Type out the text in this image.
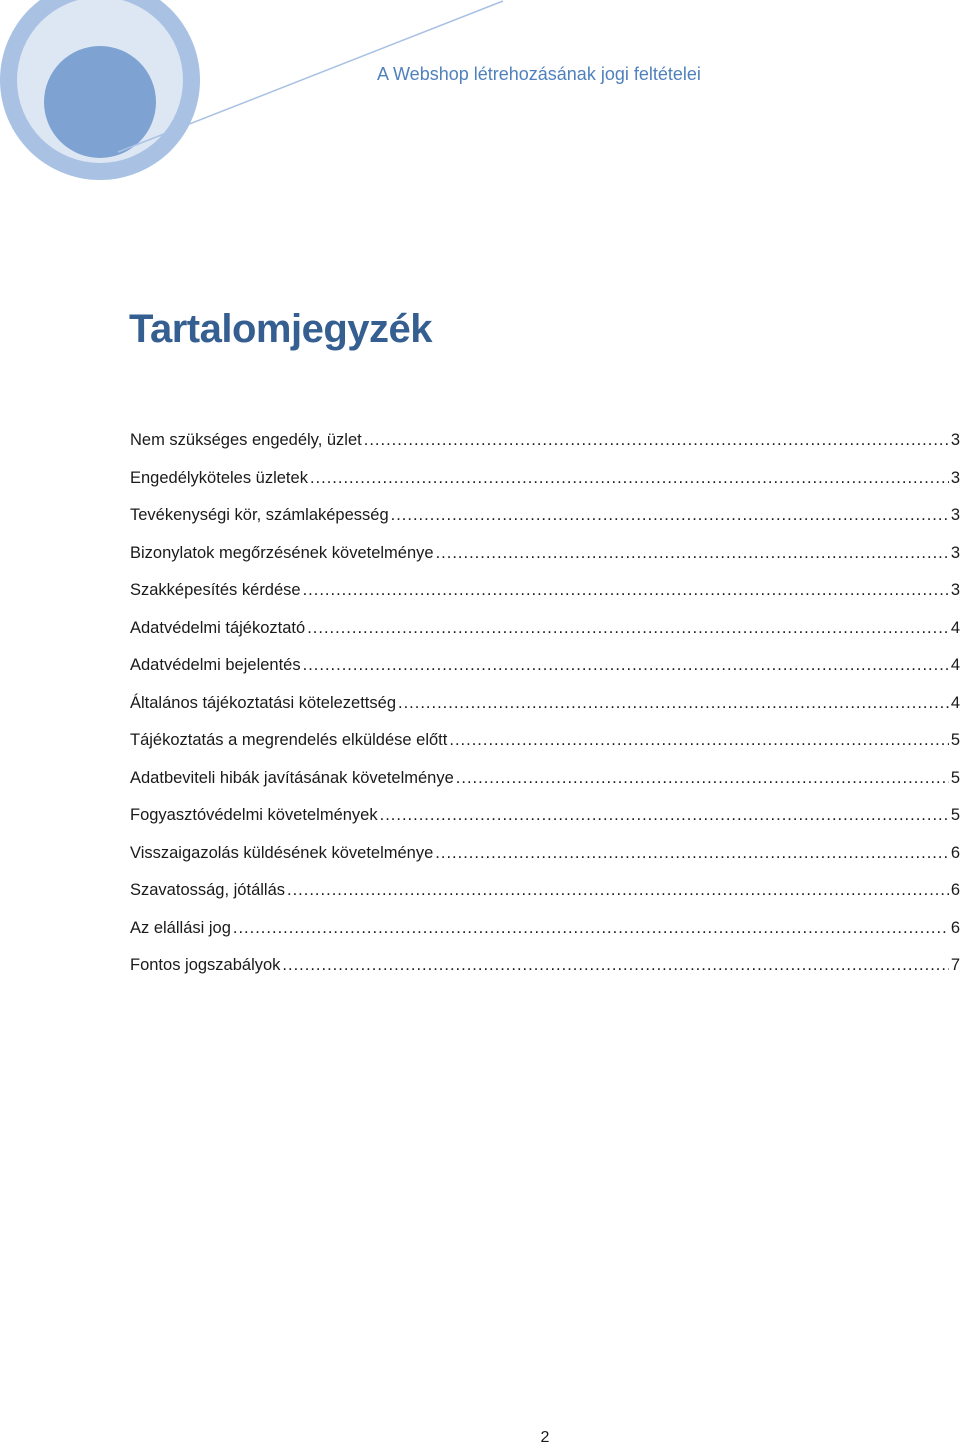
A Webshop létrehozásának jogi feltételei
Tartalomjegyzék
Nem szükséges engedély, üzlet .....	3
Engedélyköteles üzletek .....	3
Tevékenységi kör, számlaképesség .....	3
Bizonylatok megőrzésének követelménye .....	3
Szakképesítés kérdése .....	3
Adatvédelmi tájékoztató .....	4
Adatvédelmi bejelentés .....	4
Általános tájékoztatási kötelezettség .....	4
Tájékoztatás a megrendelés elküldése előtt .....	5
Adatbeviteli hibák javításának követelménye .....	5
Fogyasztóvédelmi követelmények .....	5
Visszaigazolás küldésének követelménye .....	6
Szavatosság, jótállás .....	6
Az elállási jog .....	6
Fontos jogszabályok .....	7
2
